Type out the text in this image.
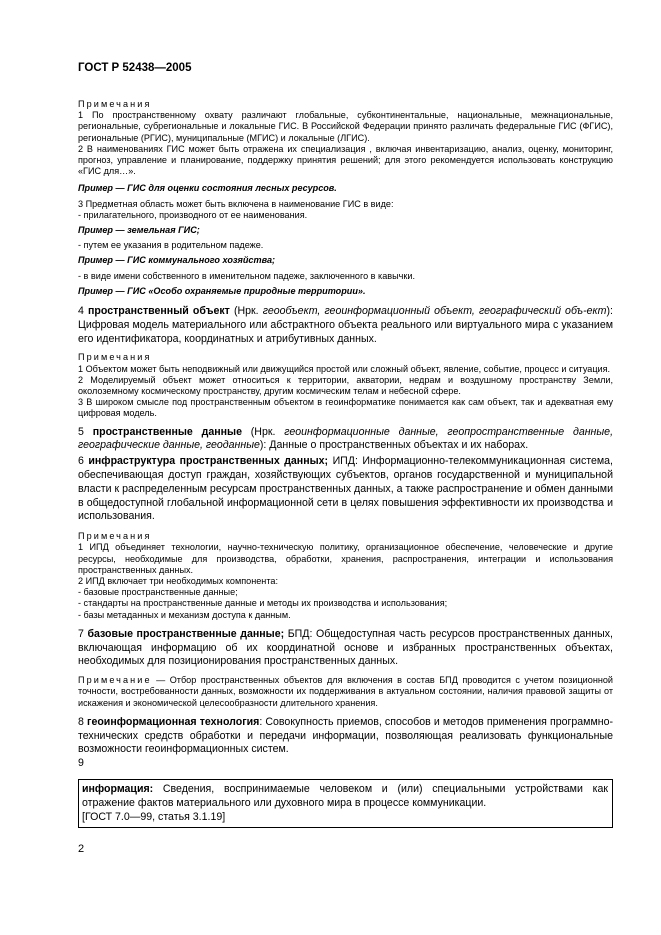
ГОСТ Р 52438—2005

Примечания

1 По пространственному охвату различают глобальные, субконтинентальные, национальные, межнациональные, региональные, субрегиональные и локальные ГИС. В Российской Федерации принято различать федеральные ГИС (ФГИС), региональные (РГИС), муниципальные (МГИС) и локальные (ЛГИС).

2 В наименованиях ГИС может быть отражена их специализация , включая инвентаризацию, анализ, оценку, мониторинг, прогноз, управление и планирование, поддержку принятия решений; для этого рекомендуется использовать конструкцию «ГИС для…».

Пример — ГИС для оценки состояния лесных ресурсов.

3 Предметная область может быть включена в наименование ГИС в виде:

- прилагательного, производного от ее наименования.

Пример — земельная ГИС;

- путем ее указания в родительном падеже.

Пример — ГИС коммунального хозяйства;

- в виде имени собственного в именительном падеже, заключенного в кавычки.

Пример — ГИС «Особо охраняемые природные территории».

4 пространственный объект (Нрк. геообъект, геоинформационный объект, географический объ-ект): Цифровая модель материального или абстрактного объекта реального или виртуального мира с указанием его идентификатора, координатных и атрибутивных данных.

Примечания

1 Объектом может быть неподвижный или движущийся простой или сложный объект, явление, событие, процесс и ситуация.

2 Моделируемый объект может относиться к территории, акватории, недрам и воздушному пространству Земли, околоземному космическому пространству, другим космическим телам и небесной сфере.

3 В широком смысле под пространственным объектом в геоинформатике понимается как сам объект, так и адекватная ему цифровая модель.

5 пространственные данные (Нрк. геоинформационные данные, геопространственные данные, географические данные, геоданные): Данные о пространственных объектах и их наборах.

6 инфраструктура пространственных данных; ИПД: Информационно-телекоммуникационная система, обеспечивающая доступ граждан, хозяйствующих субъектов, органов государственной и муниципальной власти к распределенным ресурсам пространственных данных, а также распространение и обмен данными в общедоступной глобальной информационной сети в целях повышения эффективности их производства и использования.

Примечания

1 ИПД объединяет технологии, научно-техническую политику, организационное обеспечение, человеческие и другие ресурсы, необходимые для производства, обработки, хранения, распространения, интеграции и использования пространственных данных.

2 ИПД включает три необходимых компонента:

- базовые пространственные данные;

- стандарты на пространственные данные и методы их производства и использования;

- базы метаданных и механизм доступа к данным.

7 базовые пространственные данные; БПД: Общедоступная часть ресурсов пространственных данных, включающая информацию об их координатной основе и избранных пространственных объектах, необходимых для позиционирования пространственных данных.

Примечание — Отбор пространственных объектов для включения в состав БПД проводится с учетом позиционной точности, востребованности данных, возможности их поддерживания в актуальном состоянии, наличия правовой защиты от искажения и экономической целесообразности длительного хранения.

8 геоинформационная технология: Совокупность приемов, способов и методов применения программно-технических средств обработки и передачи информации, позволяющая реализовать функциональные возможности геоинформационных систем.

9

информация: Сведения, воспринимаемые человеком и (или) специальными устройствами как отражение фактов материального или духовного мира в процессе коммуникации.

[ГОСТ 7.0—99, статья 3.1.19]

2
